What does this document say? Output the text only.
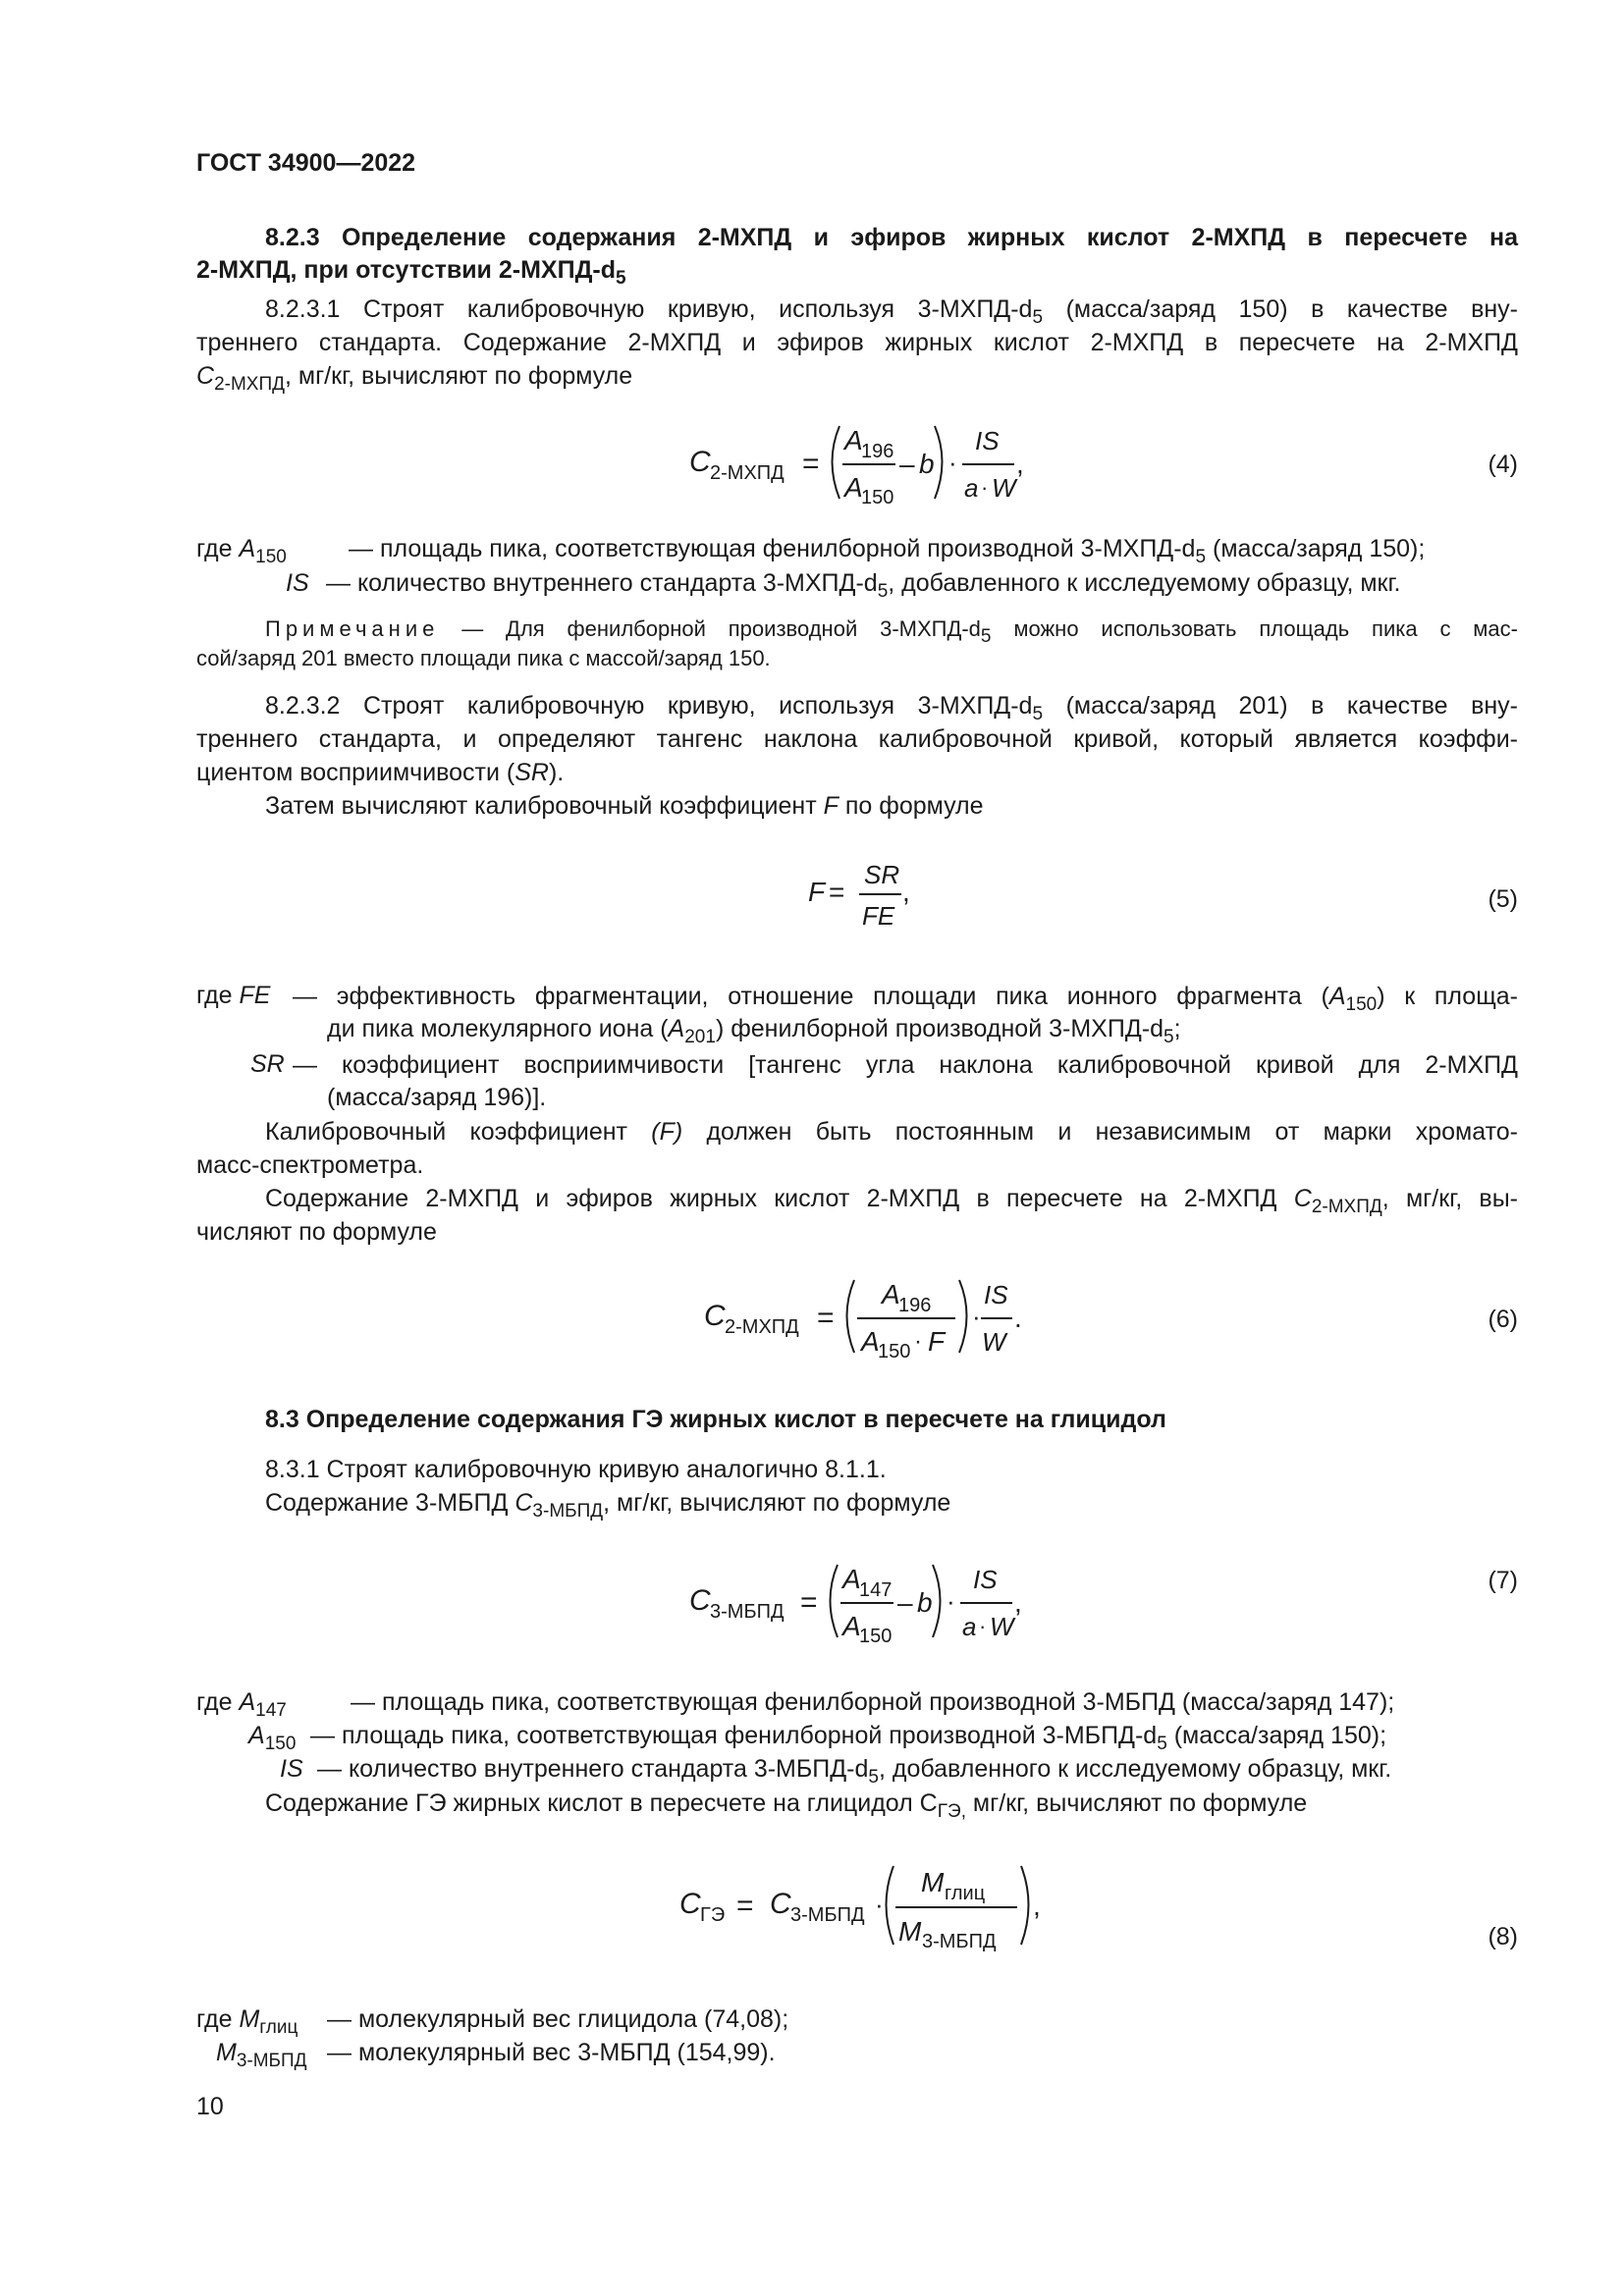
ГОСТ 34900—2022
8.2.3 Определение содержания 2-МХПД и эфиров жирных кислот 2-МХПД в пересчете на
2-МХПД, при отсутствии $2-МХПД-d_5$
8.2.3.1 Строят калибровочную кривую, используя $3-МХПД-d_5$ (масса/заряд 150) в качестве вну-
треннего стандарта. Содержание 2-МХПД и эфиров жирных кислот 2-МХПД в пересчете на 2-МХПД
$C_{2-МХПД}$, мг/кг, вычисляют по формуле
C 2-МХПД =
A
196
A
150
– b ·
IS
a · W
,	(4)
где $A_{150}$	— площадь пика, соответствующая фенилборной производной $3-МХПД-d_5$ (масса/заряд 150);
IS — количество внутреннего стандарта $3-МХПД-d_5$, добавленного к исследуемому образцу, мкг.
Примечание — Для фенилборной производной 3-МХПД-d5 можно использовать площадь пика с мас-
сой/заряд 201 вместо площади пика с массой/заряд 150.
8.2.3.2 Строят калибровочную кривую, используя $3-МХПД-d_5$ (масса/заряд 201) в качестве вну-
треннего стандарта, и определяют тангенс наклона калибровочной кривой, который является коэффи-
циентом восприимчивости (SR).
Затем вычисляют калибровочный коэффициент F по формуле
F =
SR
FE
,	(5)
где FE — эффективность фрагментации, отношение площади пика ионного фрагмента $(A_{150})$ к площа-
ди пика молекулярного иона $(A_{201})$ фенилборной производной $3-МХПД-d_5$;
SR — коэффициент восприимчивости [тангенс угла наклона калибровочной кривой для 2-МХПД
(масса/заряд 196)].
Калибровочный коэффициент (F) должен быть постоянным и независимым от марки хромато-
масс-спектрометра.
Содержание 2-МХПД и эфиров жирных кислот 2-МХПД в пересчете на 2-МХПД $C_{2-МХПД}$, мг/кг, вы-
числяют по формуле
C 2-МХПД =
A
196
A
150 · F
·
IS
W
.	(6)
8.3 Определение содержания ГЭ жирных кислот в пересчете на глицидол
8.3.1 Строят калибровочную кривую аналогично 8.1.1.
Содержание 3-МБПД $C_{3-МБПД}$, мг/кг, вычисляют по формуле
C 3-МБПД =
A
147
A
150
– b ·
IS
a · W
,
(7)
где $A_{147}$	— площадь пика, соответствующая фенилборной производной 3-МБПД (масса/заряд 147);
$A_{150}$ — площадь пика, соответствующая фенилборной производной $3-МБПД-d_5$ (масса/заряд 150);
IS — количество внутреннего стандарта $3-МБПД-d_5$, добавленного к исследуемому образцу, мкг.
Содержание ГЭ жирных кислот в пересчете на глицидол $С_{ГЭ,}$ мг/кг, вычисляют по формуле
C ГЭ = C 3-МБПД ·
M глиц
M 3-МБПД
,
(8)
где $M_{глиц}$ — молекулярный вес глицидола (74,08);
$M_{3-МБПД}$ — молекулярный вес 3-МБПД (154,99).
10
